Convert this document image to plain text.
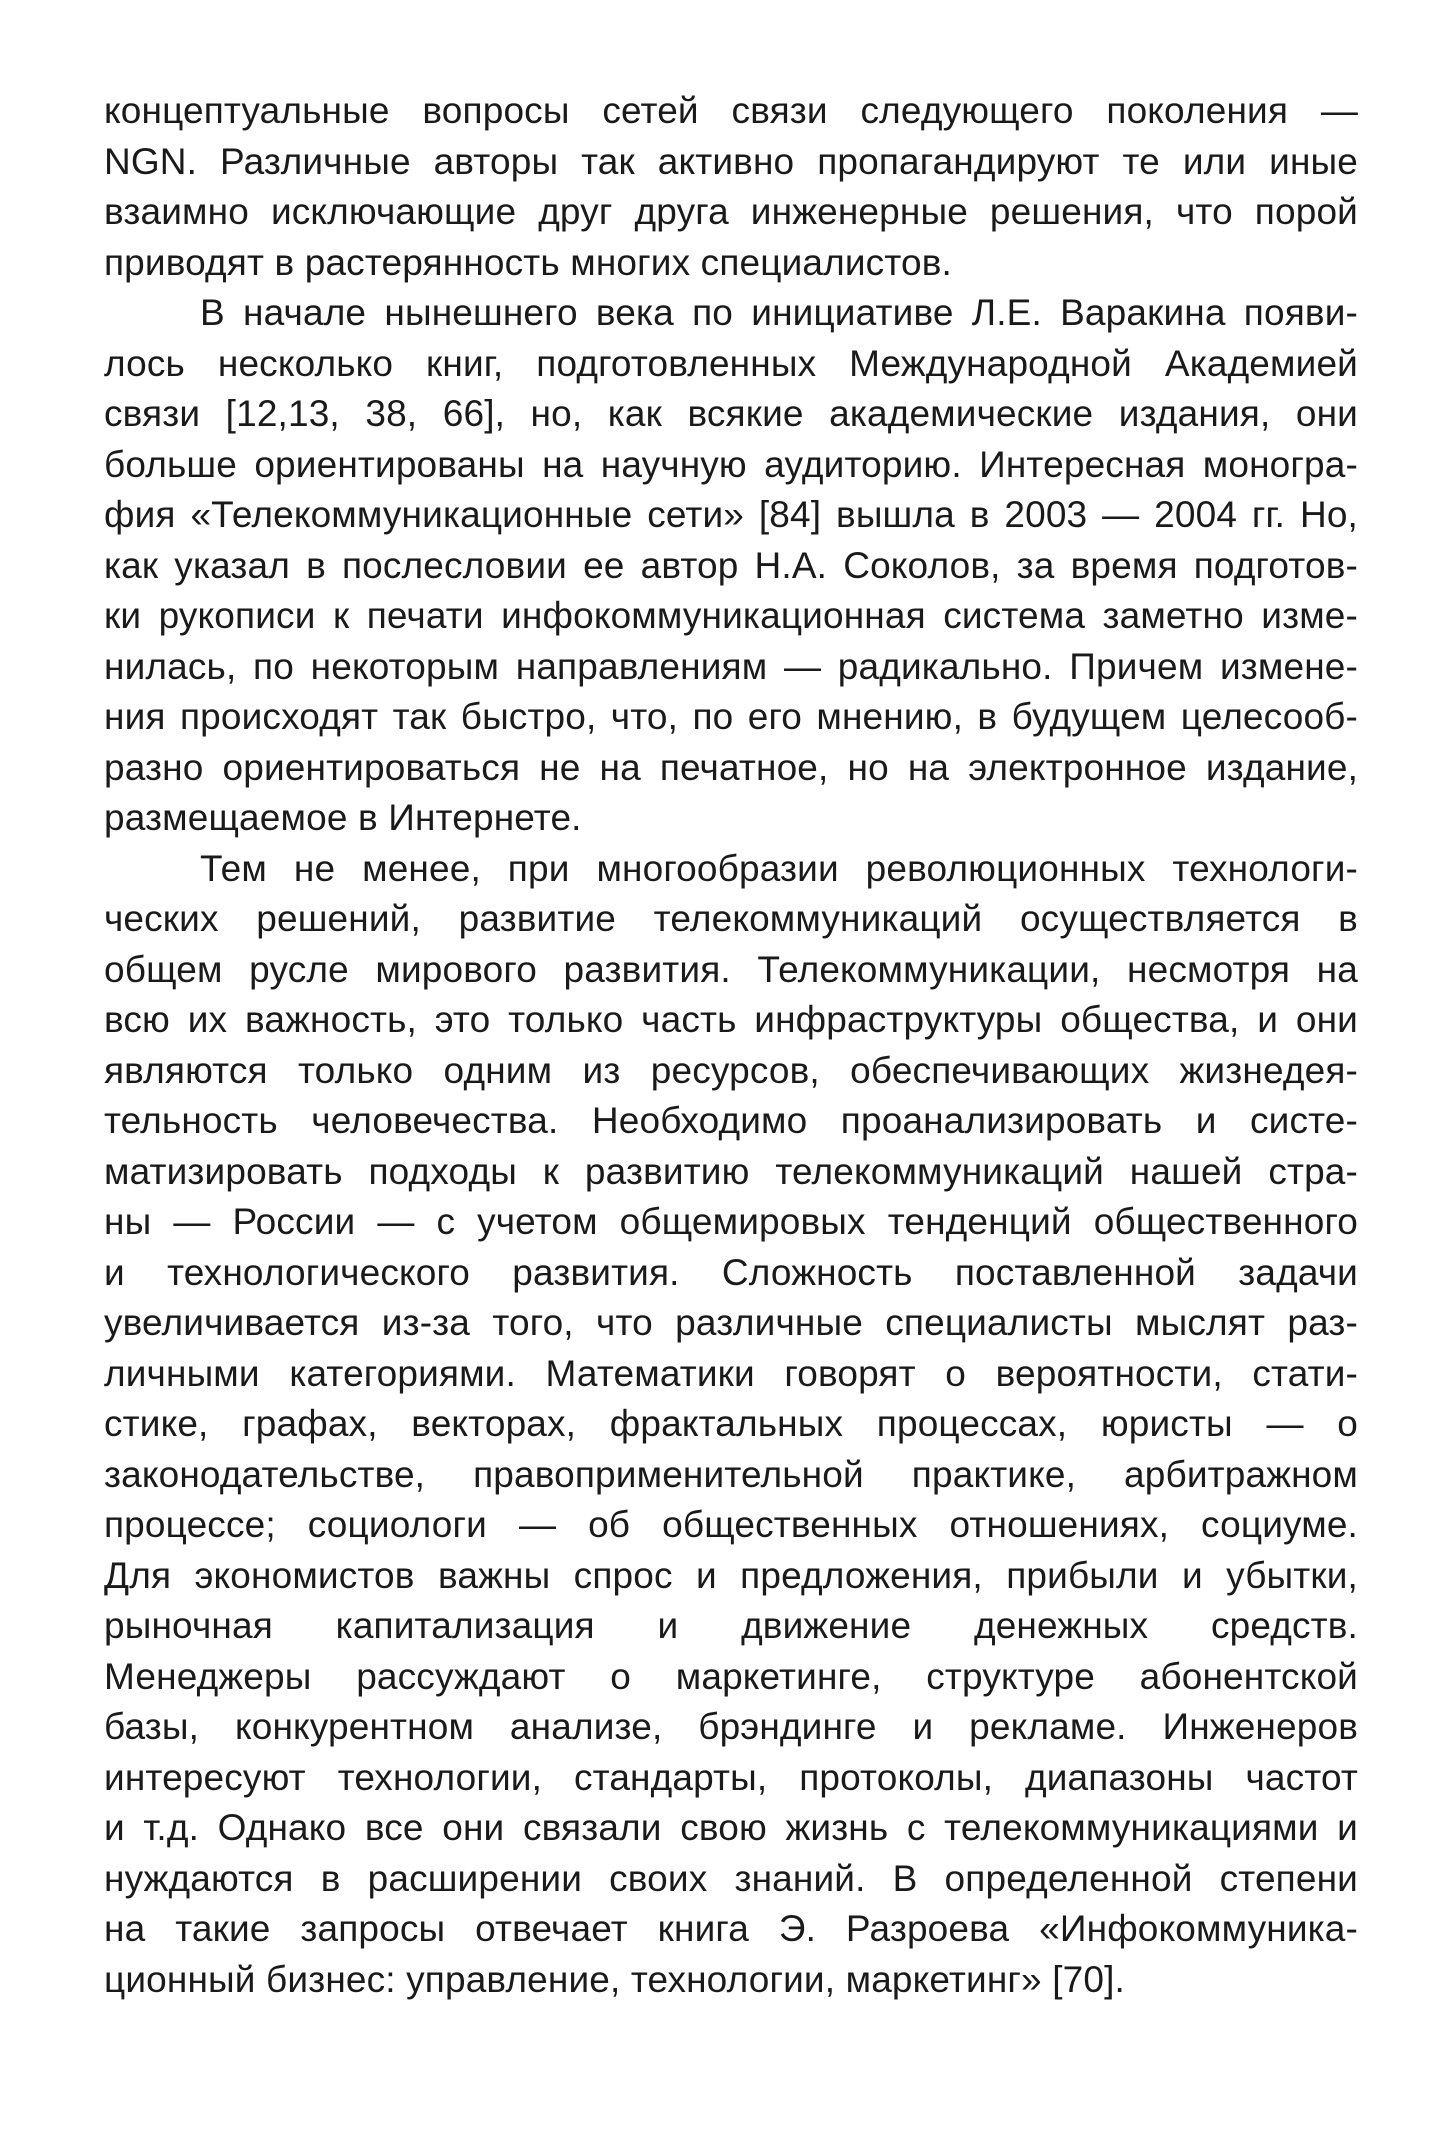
концептуальные вопросы сетей связи следующего поколения —
NGN. Различные авторы так активно пропагандируют те или иные
взаимно исключающие друг друга инженерные решения, что порой
приводят в растерянность многих специалистов.
В начале нынешнего века по инициативе Л.Е. Варакина появи-
лось несколько книг, подготовленных Международной Академией
связи [12,13, 38, 66], но, как всякие академические издания, они
больше ориентированы на научную аудиторию. Интересная моногра-
фия «Телекоммуникационные сети» [84] вышла в 2003 — 2004 гг. Но,
как указал в послесловии ее автор Н.А. Соколов, за время подготов-
ки рукописи к печати инфокоммуникационная система заметно изме-
нилась, по некоторым направлениям — радикально. Причем измене-
ния происходят так быстро, что, по его мнению, в будущем целесооб-
разно ориентироваться не на печатное, но на электронное издание,
размещаемое в Интернете.
Тем не менее, при многообразии революционных технологи-
ческих решений, развитие телекоммуникаций осуществляется в
общем русле мирового развития. Телекоммуникации, несмотря на
всю их важность, это только часть инфраструктуры общества, и они
являются только одним из ресурсов, обеспечивающих жизнедея-
тельность человечества. Необходимо проанализировать и систе-
матизировать подходы к развитию телекоммуникаций нашей стра-
ны — России — с учетом общемировых тенденций общественного
и технологического развития. Сложность поставленной задачи
увеличивается из-за того, что различные специалисты мыслят раз-
личными категориями. Математики говорят о вероятности, стати-
стике, графах, векторах, фрактальных процессах, юристы — о
законодательстве, правоприменительной практике, арбитражном
процессе; социологи — об общественных отношениях, социуме.
Для экономистов важны спрос и предложения, прибыли и убытки,
рыночная капитализация и движение денежных средств.
Менеджеры рассуждают о маркетинге, структуре абонентской
базы, конкурентном анализе, брэндинге и рекламе. Инженеров
интересуют технологии, стандарты, протоколы, диапазоны частот
и т.д. Однако все они связали свою жизнь с телекоммуникациями и
нуждаются в расширении своих знаний. В определенной степени
на такие запросы отвечает книга Э. Разроева «Инфокоммуника-
ционный бизнес: управление, технологии, маркетинг» [70].
